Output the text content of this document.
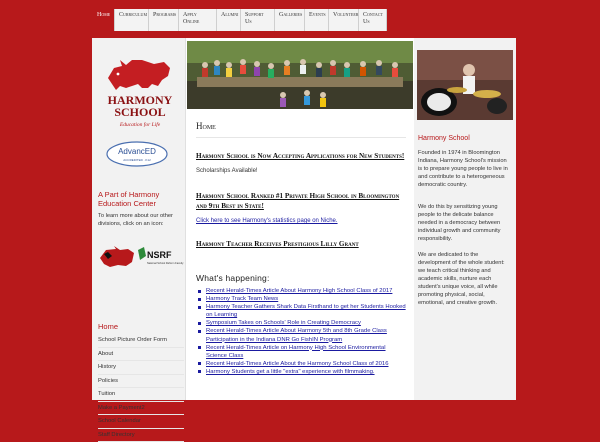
Home	Curriculum Programs	Apply Online
Alumni	Support Us
Galleries	Events	Volunteer Contact Us
HARMONY
SCHOOL
Education for Life
AdvancED
ACCREDITED · K12
A Part of Harmony Education Center
To learn more about our other divisions, click on an icon:
NSRF
National School Reform Faculty
Home
School Picture Order Form
About
History
Policies
Tuition
Make a Payment2
School Calendar
Staff Directory
Home
Harmony School is Now Accepting Applications for New Students!
Scholarships Available!
Harmony School Ranked #1 Private High School in Bloomington and 9th Best in State!
Click here to see Harmony's statistics page on Niche.
Harmony Teacher Receives Prestigious Lilly Grant
What's happening:
Recent Herald-Times Article About Harmony High School Class of 2017
Harmony Track Team News
Harmony Teacher Gathers Shark Data Firsthand to get her Students Hooked on Learning
Symposium Takes on Schools' Role in Creating Democracy
Recent Herald-Times Article About Harmony 5th and 8th Grade Class Participation in the Indiana DNR Go FishIN Program
Recent Herald-Times Article on Harmony High School Environmental Science Class
Recent Herald-Times Article About the Harmony School Class of 2016
Harmony Students get a little "extra" experience with filmmaking.
Harmony School
Founded in 1974 in Bloomington Indiana, Harmony School's mission is to prepare young people to live in and contribute to a heterogeneous democratic country.
We do this by sensitizing young people to the delicate balance needed in a democracy between individual growth and community responsibility.
We are dedicated to the development of the whole student: we teach critical thinking and academic skills, nurture each student's unique voice, all while promoting physical, social, emotional, and creative growth.
